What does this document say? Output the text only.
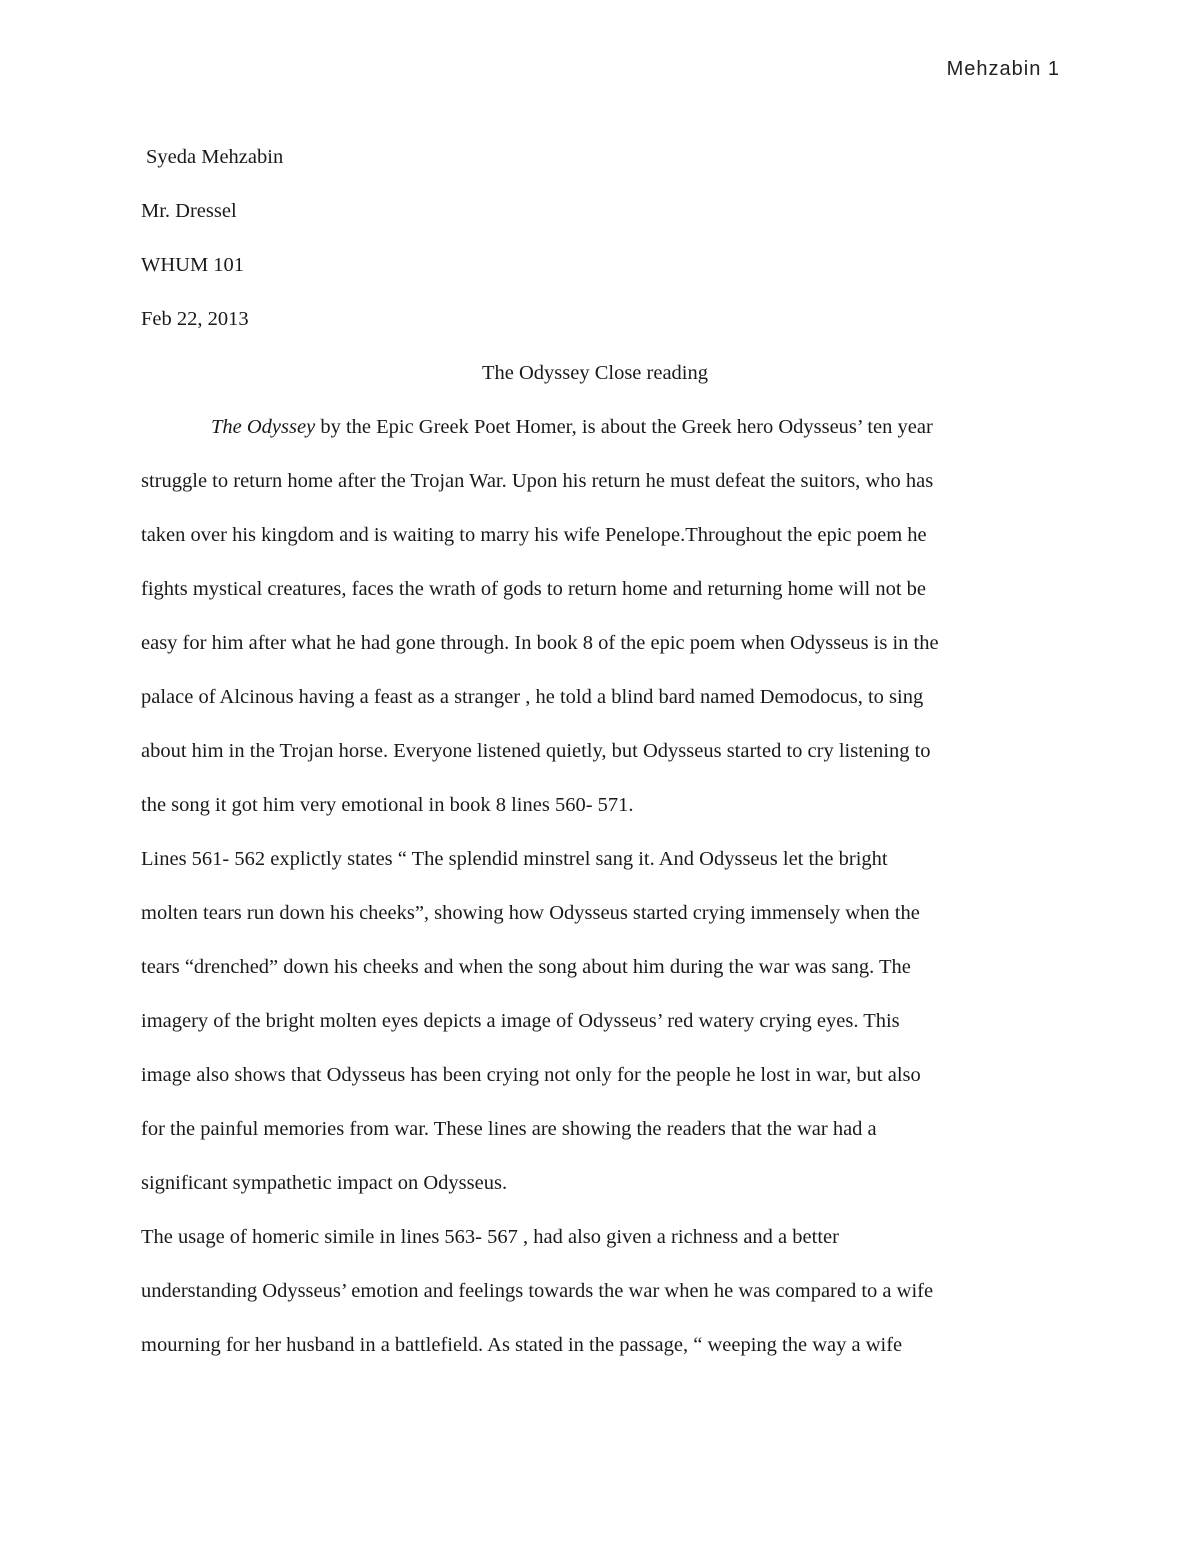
Mehzabin 1

Syeda Mehzabin

Mr. Dressel

WHUM 101

Feb 22, 2013

The Odyssey Close reading

The Odyssey by the Epic Greek Poet Homer, is about the Greek hero Odysseus’ ten year

struggle to return home after the Trojan War. Upon his return he must defeat the suitors, who has

taken over his kingdom and is waiting to marry his wife Penelope.Throughout the epic poem he

fights mystical creatures, faces the wrath of gods to return home and returning home will not be

easy for him after what he had gone through. In book 8 of the epic poem when Odysseus is in the

palace of Alcinous having a feast as a stranger , he told a blind bard named Demodocus, to sing

about him in the Trojan horse. Everyone listened quietly, but Odysseus started to cry listening to

the song it got him very emotional in book 8 lines 560- 571.

Lines 561- 562 explictly states “ The splendid minstrel sang it. And Odysseus let the bright

molten tears run down his cheeks”, showing how Odysseus started crying immensely when the

tears “drenched” down his cheeks and when the song about him during the war was sang. The

imagery of the bright molten eyes depicts a image of Odysseus’ red watery crying eyes. This

image also shows that Odysseus has been crying not only for the people he lost in war, but also

for the painful memories from war. These lines are showing the readers that the war had a

significant sympathetic impact on Odysseus.

The usage of homeric simile in lines 563- 567 , had also given a richness and a better

understanding Odysseus’ emotion and feelings towards the war when he was compared to a wife

mourning for her husband in a battlefield. As stated in the passage, “ weeping the way a wife
